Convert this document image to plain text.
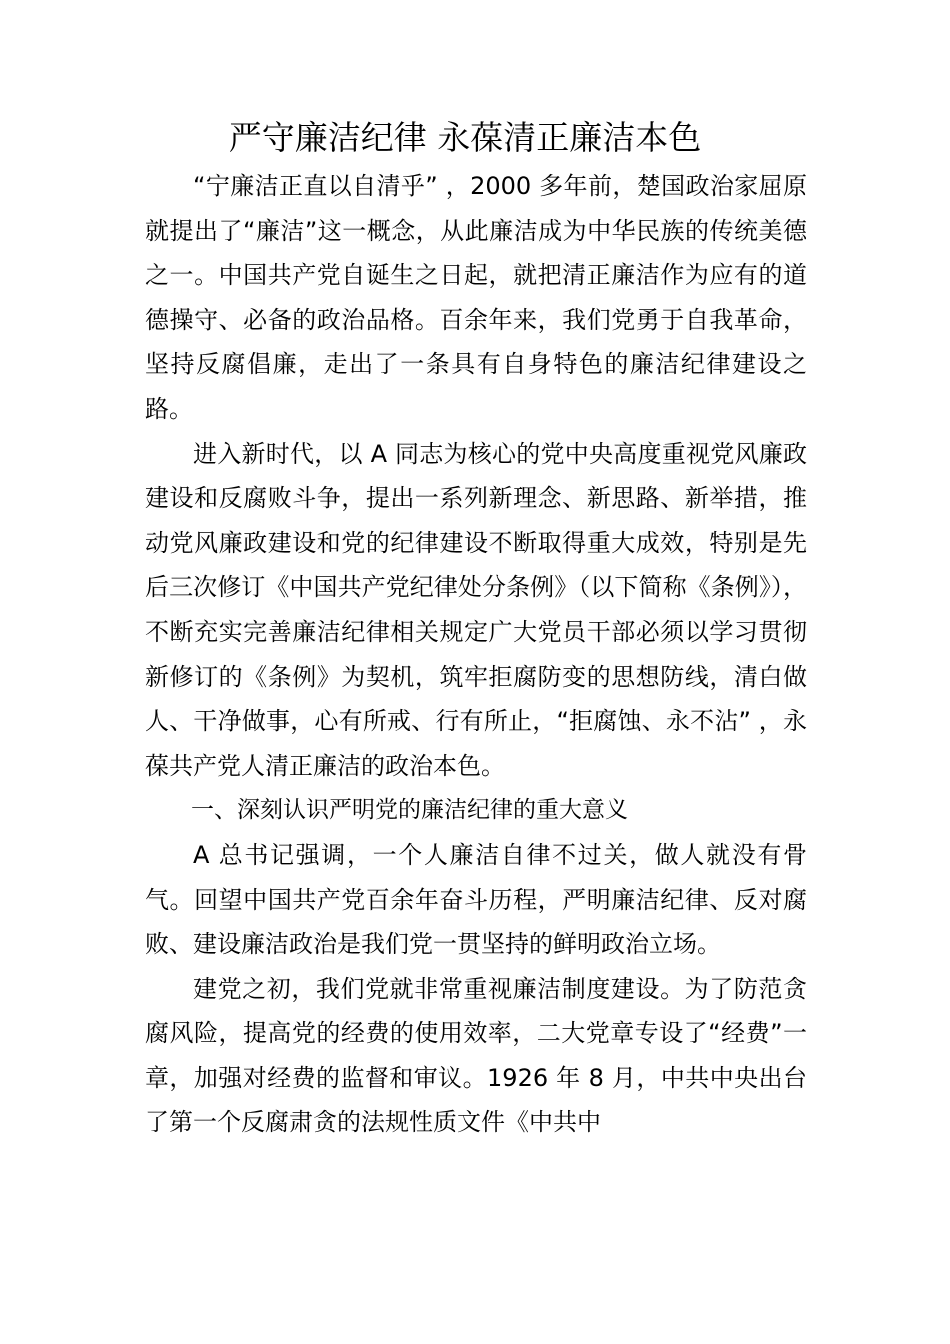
严守廉洁纪律 永葆清正廉洁本色

“宁廉洁正直以自清乎” ，2000 多年前，楚国政治家屈原就提出了“廉洁”这一概念，从此廉洁成为中华民族的传统美德之一。中国共产党自诞生之日起，就把清正廉洁作为应有的道德操守、必备的政治品格。百余年来，我们党勇于自我革命，坚持反腐倡廉，走出了一条具有自身特色的廉洁纪律建设之路。

进入新时代，以 A 同志为核心的党中央高度重视党风廉政建设和反腐败斗争，提出一系列新理念、新思路、新举措，推动党风廉政建设和党的纪律建设不断取得重大成效，特别是先后三次修订《中国共产党纪律处分条例》（以下简称《条例》），不断充实完善廉洁纪律相关规定广大党员干部必须以学习贯彻新修订的《条例》为契机，筑牢拒腐防变的思想防线，清白做人、干净做事，心有所戒、行有所止，“拒腐蚀、永不沾” ，永葆共产党人清正廉洁的政治本色。

一、深刻认识严明党的廉洁纪律的重大意义

A 总书记强调，一个人廉洁自律不过关，做人就没有骨气。回望中国共产党百余年奋斗历程，严明廉洁纪律、反对腐败、建设廉洁政治是我们党一贯坚持的鲜明政治立场。

建党之初，我们党就非常重视廉洁制度建设。为了防范贪腐风险，提高党的经费的使用效率，二大党章专设了“经费”一章，加强对经费的监督和审议。1926 年 8 月，中共中央出台了第一个反腐肃贪的法规性质文件《中共中
